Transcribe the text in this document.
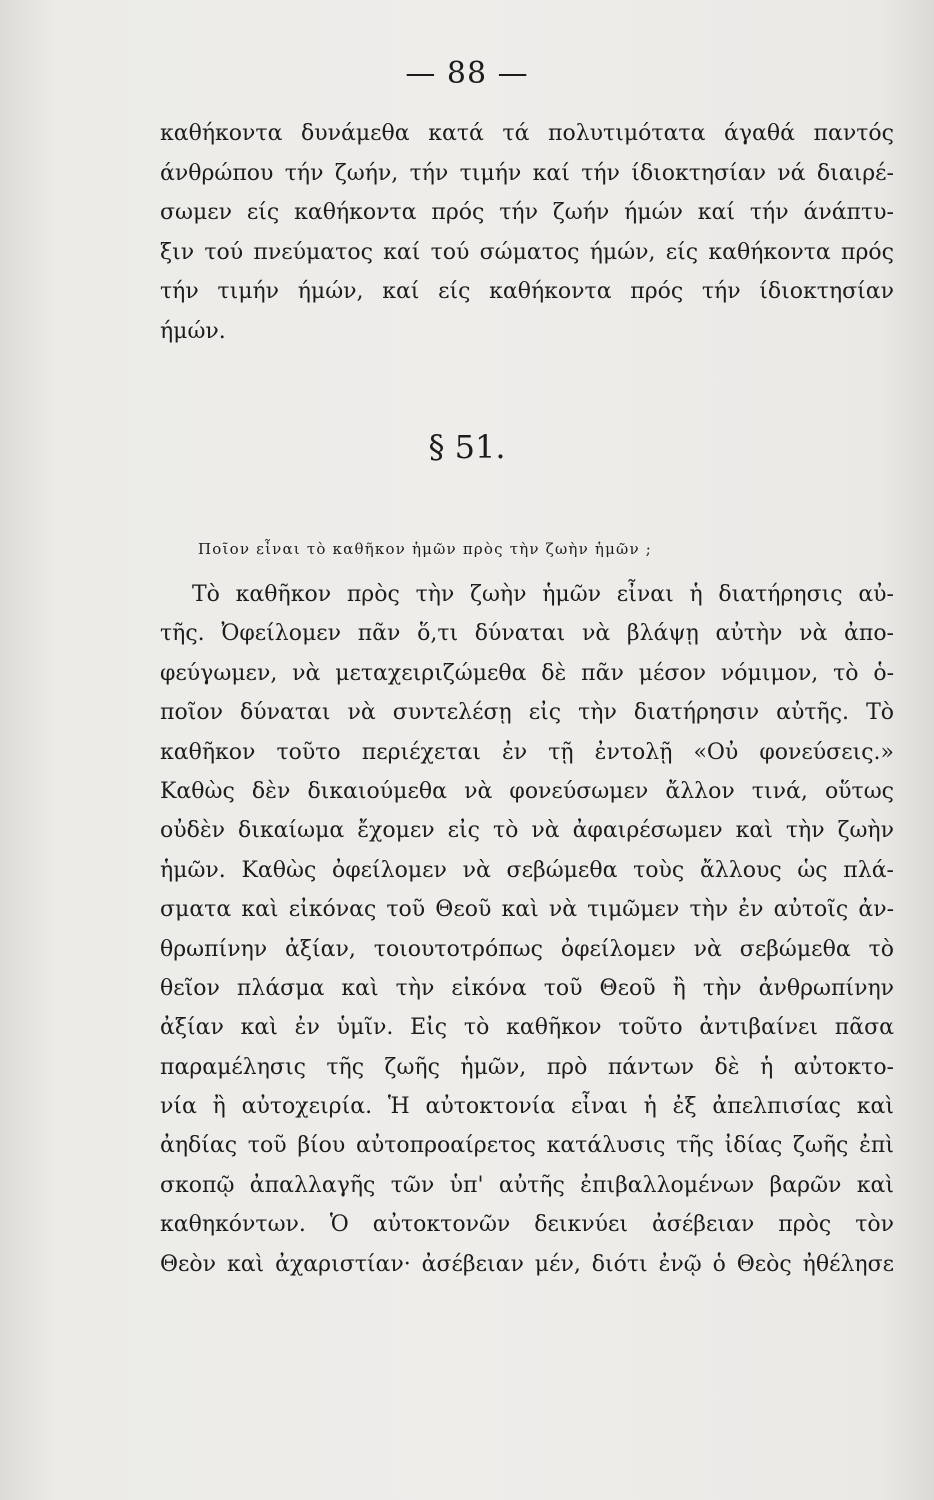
— 88 —
καθήκοντα δυνάμεθα κατά τά πολυτιμότατα άγαθά παντός
άνθρώπου τήν ζωήν, τήν τιμήν καί τήν ίδιοκτησίαν νά διαιρέ-
σωμεν είς καθήκοντα πρός τήν ζωήν ήμών καί τήν άνάπτυ-
ξιν τού πνεύματος καί τού σώματος ήμών, είς καθήκοντα πρός
τήν τιμήν ήμών, καί είς καθήκοντα πρός τήν ίδιοκτησίαν
ήμών.
§ 51.
Ποῖον εἶναι τὸ καθῆκον ἡμῶν πρὸς τὴν ζωὴν ἡμῶν ;
Τὸ καθῆκον πρὸς τὴν ζωὴν ἡμῶν εἶναι ἡ διατήρησις αὐ-
τῆς. Ὀφείλομεν πᾶν ὅ,τι δύναται νὰ βλάψῃ αὐτὴν νὰ ἀπο-
φεύγωμεν, νὰ μεταχειριζώμεθα δὲ πᾶν μέσον νόμιμον, τὸ ὁ-
ποῖον δύναται νὰ συντελέσῃ εἰς τὴν διατήρησιν αὐτῆς. Τὸ
καθῆκον τοῦτο περιέχεται ἐν τῇ ἐντολῇ «Οὐ φονεύσεις.»
Καθὼς δὲν δικαιούμεθα νὰ φονεύσωμεν ἄλλον τινά, οὕτως
οὐδὲν δικαίωμα ἔχομεν εἰς τὸ νὰ ἀφαιρέσωμεν καὶ τὴν ζωὴν
ἡμῶν. Καθὼς ὀφείλομεν νὰ σεβώμεθα τοὺς ἄλλους ὡς πλά-
σματα καὶ εἰκόνας τοῦ Θεοῦ καὶ νὰ τιμῶμεν τὴν ἐν αὐτοῖς ἀν-
θρωπίνην ἀξίαν, τοιουτοτρόπως ὀφείλομεν νὰ σεβώμεθα τὸ
θεῖον πλάσμα καὶ τὴν εἰκόνα τοῦ Θεοῦ ἢ τὴν ἀνθρωπίνην
ἀξίαν καὶ ἐν ὑμῖν. Εἰς τὸ καθῆκον τοῦτο ἀντιβαίνει πᾶσα
παραμέλησις τῆς ζωῆς ἡμῶν, πρὸ πάντων δὲ ἡ αὐτοκτο-
νία ἢ αὐτοχειρία. Ἡ αὐτοκτονία εἶναι ἡ ἐξ ἀπελπισίας καὶ
ἀηδίας τοῦ βίου αὐτοπροαίρετος κατάλυσις τῆς ἰδίας ζωῆς ἐπὶ
σκοπῷ ἀπαλλαγῆς τῶν ὑπ' αὐτῆς ἐπιβαλλομένων βαρῶν καὶ
καθηκόντων. Ὁ αὐτοκτονῶν δεικνύει ἀσέβειαν πρὸς τὸν
Θεὸν καὶ ἀχαριστίαν· ἀσέβειαν μέν, διότι ἐνῷ ὁ Θεὸς ἠθέλησε
